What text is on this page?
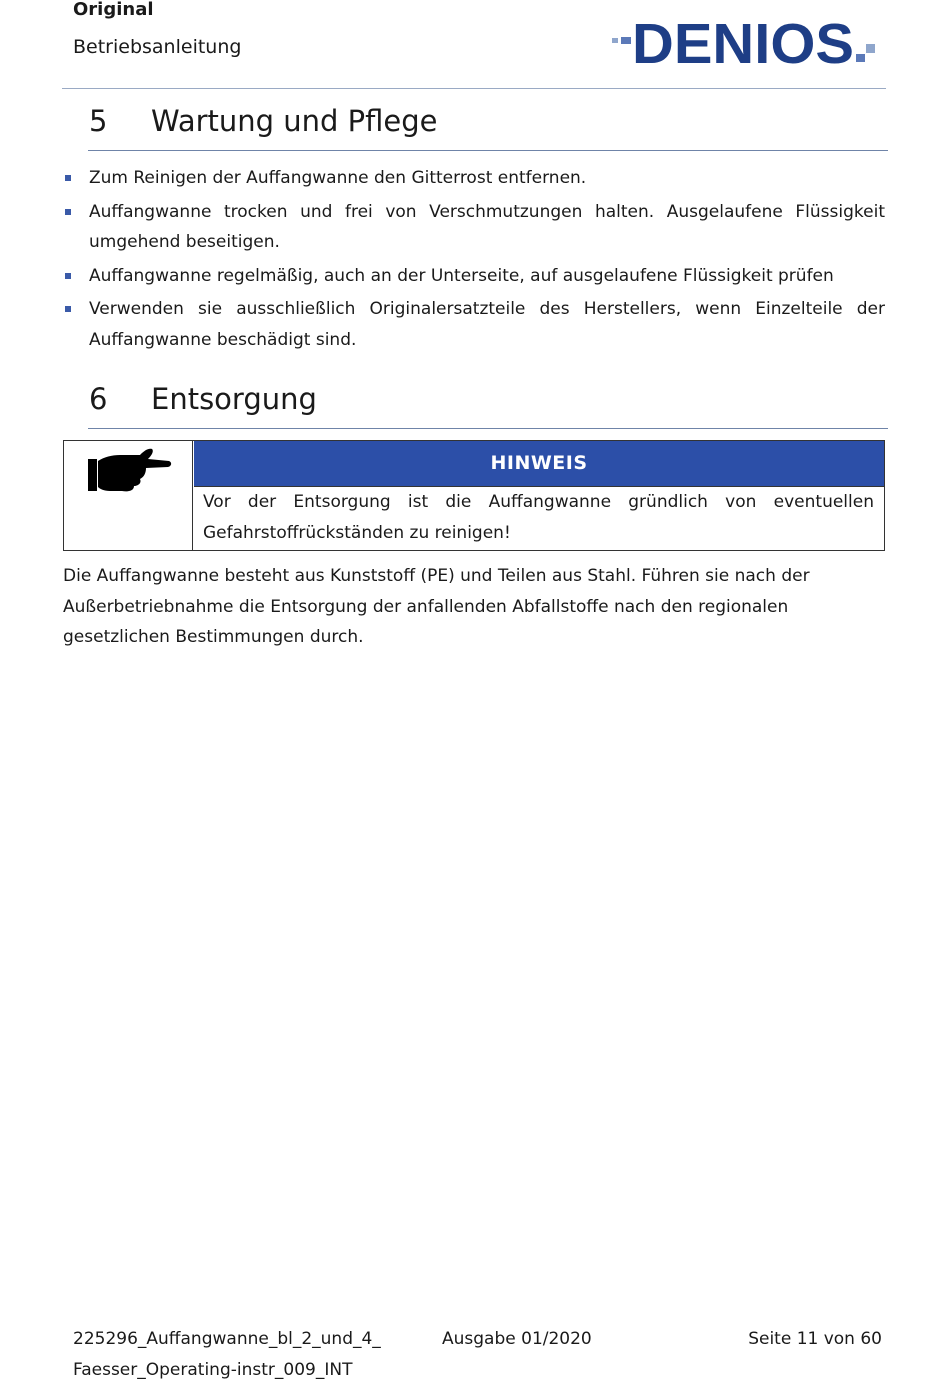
Original
Betriebsanleitung	DENIOS
5 Wartung und Pflege
Zum Reinigen der Auffangwanne den Gitterrost entfernen.
Auffangwanne trocken und frei von Verschmutzungen halten. Ausgelaufene Flüssigkeit umgehend beseitigen.
Auffangwanne regelmäßig, auch an der Unterseite, auf ausgelaufene Flüssigkeit prüfen
Verwenden sie ausschließlich Originalersatzteile des Herstellers, wenn Einzelteile der Auffangwanne beschädigt sind.
6 Entsorgung
HINWEIS
Vor der Entsorgung ist die Auffangwanne gründlich von eventuellen Gefahrstoffrückständen zu reinigen!
Die Auffangwanne besteht aus Kunststoff (PE) und Teilen aus Stahl. Führen sie nach der Außerbetriebnahme die Entsorgung der anfallenden Abfallstoffe nach den regionalen gesetzlichen Bestimmungen durch.
225296_Auffangwanne_bl_2_und_4_
Faesser_Operating-instr_009_INT
Ausgabe 01/2020	Seite 11 von 60
